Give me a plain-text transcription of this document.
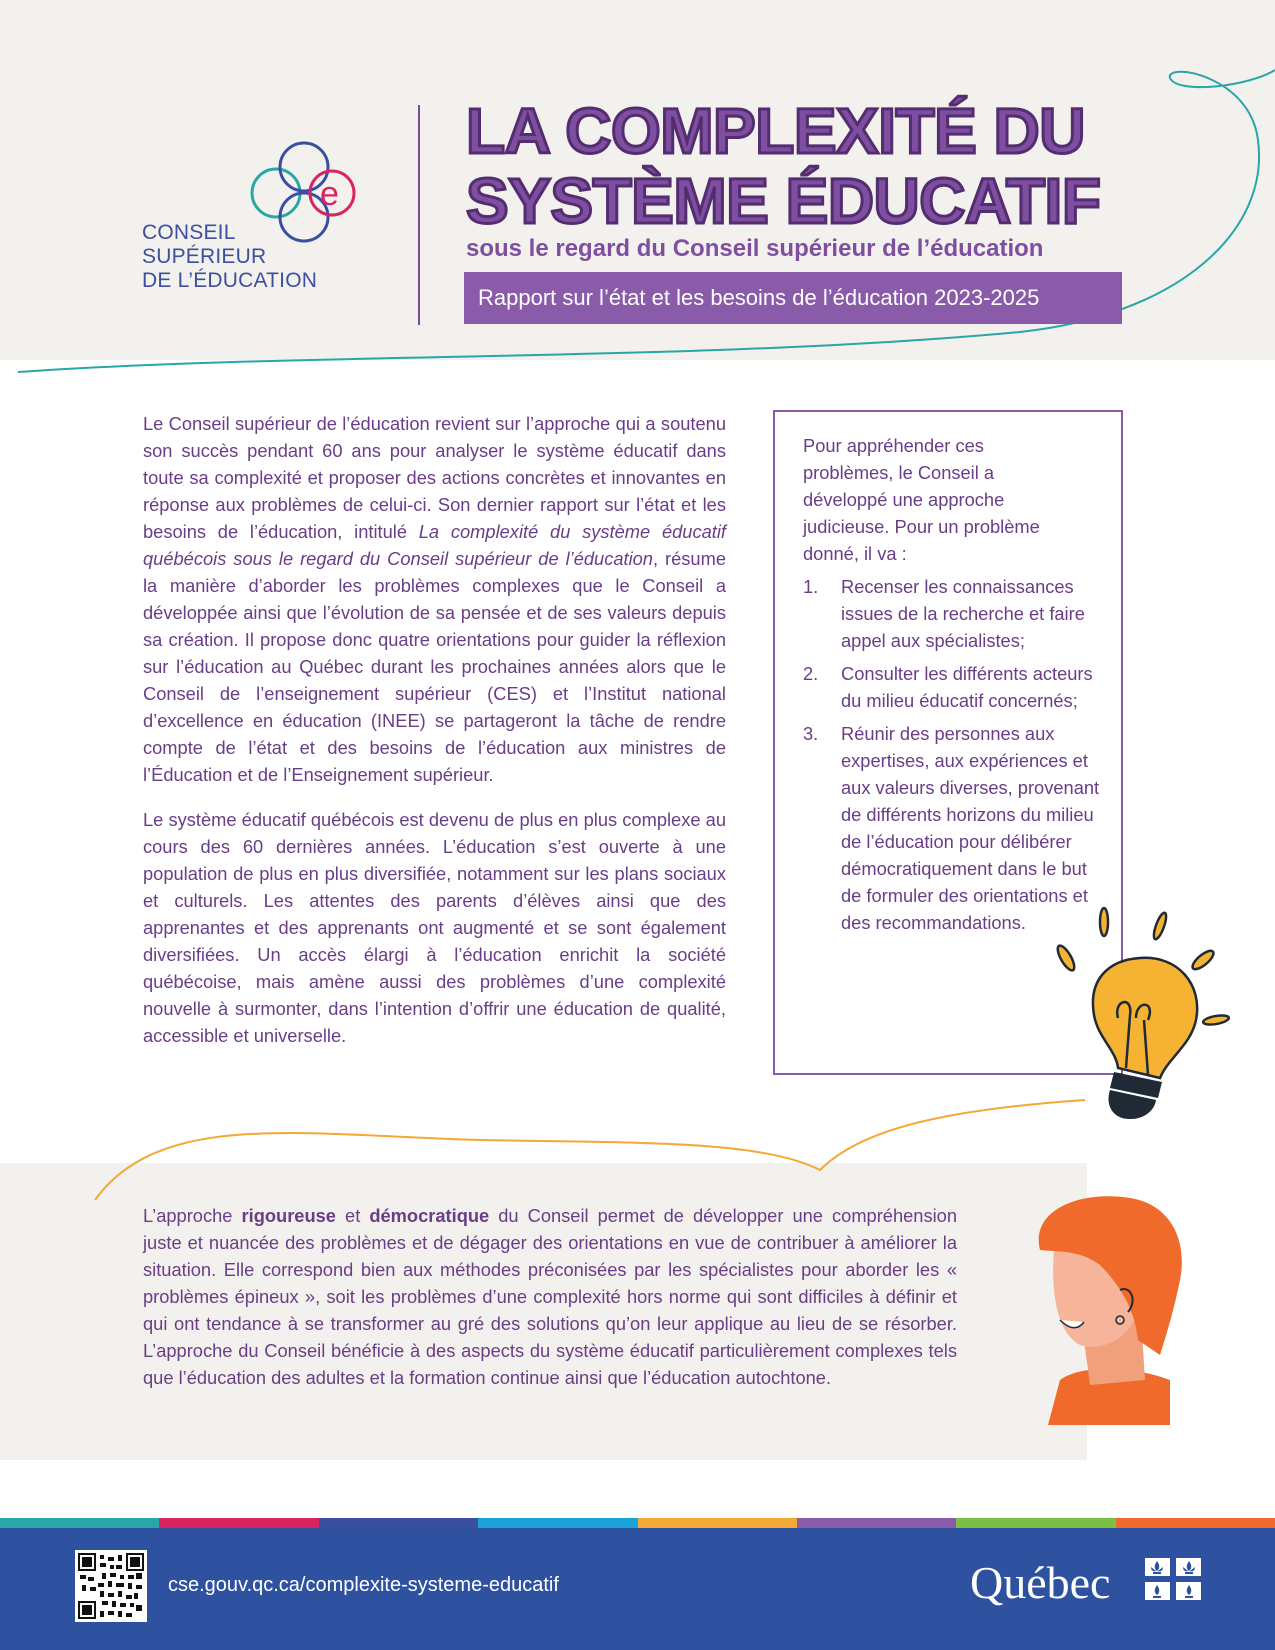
e
CONSEIL
SUPÉRIEUR
DE L’ÉDUCATION
LA COMPLEXITÉ DU
SYSTÈME ÉDUCATIF
sous le regard du Conseil supérieur de l’éducation
Rapport sur l’état et les besoins de l’éducation 2023-2025

Le Conseil supérieur de l’éducation revient sur l’approche qui a soutenu son succès pendant 60 ans pour analyser le système éducatif dans toute sa complexité et proposer des actions concrètes et innovantes en réponse aux problèmes de celui-ci. Son dernier rapport sur l’état et les besoins de l’éducation, intitulé La complexité du système éducatif québécois sous le regard du Conseil supérieur de l’éducation, résume la manière d’aborder les problèmes complexes que le Conseil a développée ainsi que l’évolution de sa pensée et de ses valeurs depuis sa création. Il propose donc quatre orientations pour guider la réflexion sur l’éducation au Québec durant les prochaines années alors que le Conseil de l’enseignement supérieur (CES) et l’Institut national d’excellence en éducation (INEE) se partageront la tâche de rendre compte de l’état et des besoins de l’éducation aux ministres de l’Éducation et de l’Enseignement supérieur.

Le système éducatif québécois est devenu de plus en plus complexe au cours des 60 dernières années. L’éducation s’est ouverte à une population de plus en plus diversifiée, notamment sur les plans sociaux et culturels. Les attentes des parents d’élèves ainsi que des apprenantes et des apprenants ont augmenté et se sont également diversifiées. Un accès élargi à l’éducation enrichit la société québécoise, mais amène aussi des problèmes d’une complexité nouvelle à surmonter, dans l’intention d’offrir une éducation de qualité, accessible et universelle.

Pour appréhender ces problèmes, le Conseil a développé une approche judicieuse. Pour un problème donné, il va :
1.	Recenser les connaissances issues de la recherche et faire appel aux spécialistes;
2.	Consulter les différents acteurs du milieu éducatif concernés;
3.	Réunir des personnes aux expertises, aux expériences et aux valeurs diverses, provenant de différents horizons du milieu de l’éducation pour délibérer démocratiquement dans le but de formuler des orientations et des recommandations.

L’approche rigoureuse et démocratique du Conseil permet de développer une compréhension juste et nuancée des problèmes et de dégager des orientations en vue de contribuer à améliorer la situation. Elle correspond bien aux méthodes préconisées par les spécialistes pour aborder les « problèmes épineux », soit les problèmes d’une complexité hors norme qui sont difficiles à définir et qui ont tendance à se transformer au gré des solutions qu’on leur applique au lieu de se résorber. L’approche du Conseil bénéficie à des aspects du système éducatif particulièrement complexes tels que l’éducation des adultes et la formation continue ainsi que l’éducation autochtone.

cse.gouv.qc.ca/complexite-systeme-educatif	Québec
